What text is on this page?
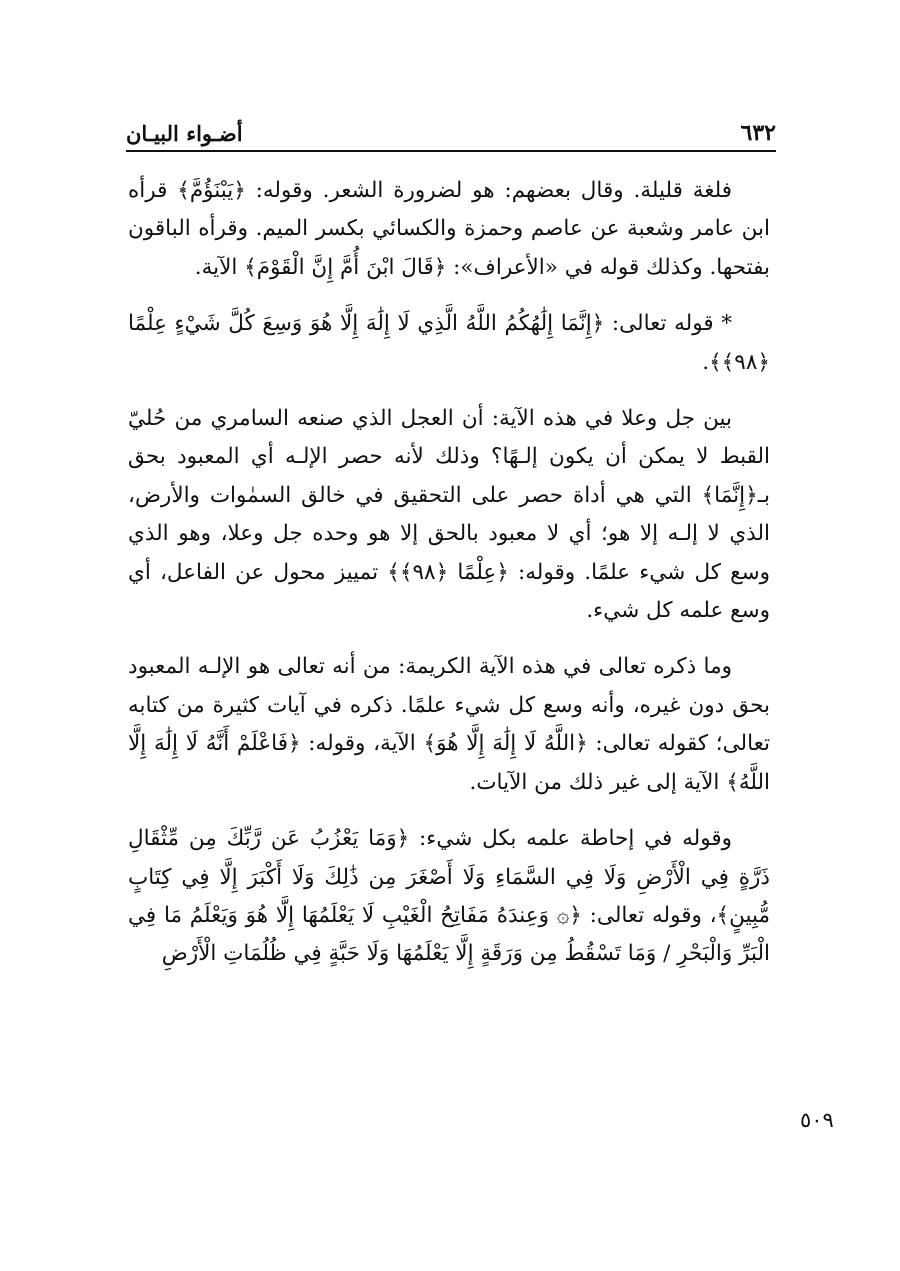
أضـواء البيـان	٦٣٢

فلغة قليلة. وقال بعضهم: هو لضرورة الشعر. وقوله: ﴿يَبْنَؤُمَّ﴾ قرأه ابن عامر وشعبة عن عاصم وحمزة والكسائي بكسر الميم. وقرأه الباقون بفتحها. وكذلك قوله في «الأعراف»: ﴿قَالَ ابْنَ أُمَّ إِنَّ الْقَوْمَ﴾ الآية.

* قوله تعالى: ﴿إِنَّمَا إِلَٰهُكُمُ اللَّهُ الَّذِي لَا إِلَٰهَ إِلَّا هُوَ وَسِعَ كُلَّ شَيْءٍ عِلْمًا ﴿٩٨﴾﴾.

بين جل وعلا في هذه الآية: أن العجل الذي صنعه السامري من حُليّ القبط لا يمكن أن يكون إلـهًا؟ وذلك لأنه حصر الإلـه أي المعبود بحق بـ﴿إِنَّمَا﴾ التي هي أداة حصر على التحقيق في خالق السمٰوات والأرض، الذي لا إلـه إلا هو؛ أي لا معبود بالحق إلا هو وحده جل وعلا، وهو الذي وسع كل شيء علمًا. وقوله: ﴿عِلْمًا ﴿٩٨﴾﴾ تمييز محول عن الفاعل، أي وسع علمه كل شيء.

وما ذكره تعالى في هذه الآية الكريمة: من أنه تعالى هو الإلـه المعبود بحق دون غيره، وأنه وسع كل شيء علمًا. ذكره في آيات كثيرة من كتابه تعالى؛ كقوله تعالى: ﴿اللَّهُ لَا إِلَٰهَ إِلَّا هُوَ﴾ الآية، وقوله: ﴿فَاعْلَمْ أَنَّهُ لَا إِلَٰهَ إِلَّا اللَّهُ﴾ الآية إلى غير ذلك من الآيات.

وقوله في إحاطة علمه بكل شيء: ﴿وَمَا يَعْزُبُ عَن رَّبِّكَ مِن مِّثْقَالِ ذَرَّةٍ فِي الْأَرْضِ وَلَا فِي السَّمَاءِ وَلَا أَصْغَرَ مِن ذَٰلِكَ وَلَا أَكْبَرَ إِلَّا فِي كِتَابٍ مُّبِينٍ﴾، وقوله تعالى: ﴿۞ وَعِندَهُ مَفَاتِحُ الْغَيْبِ لَا يَعْلَمُهَا إِلَّا هُوَ وَيَعْلَمُ مَا فِي الْبَرِّ وَالْبَحْرِ / وَمَا تَسْقُطُ مِن وَرَقَةٍ إِلَّا يَعْلَمُهَا وَلَا حَبَّةٍ فِي ظُلُمَاتِ الْأَرْضِ

٥٠٩
